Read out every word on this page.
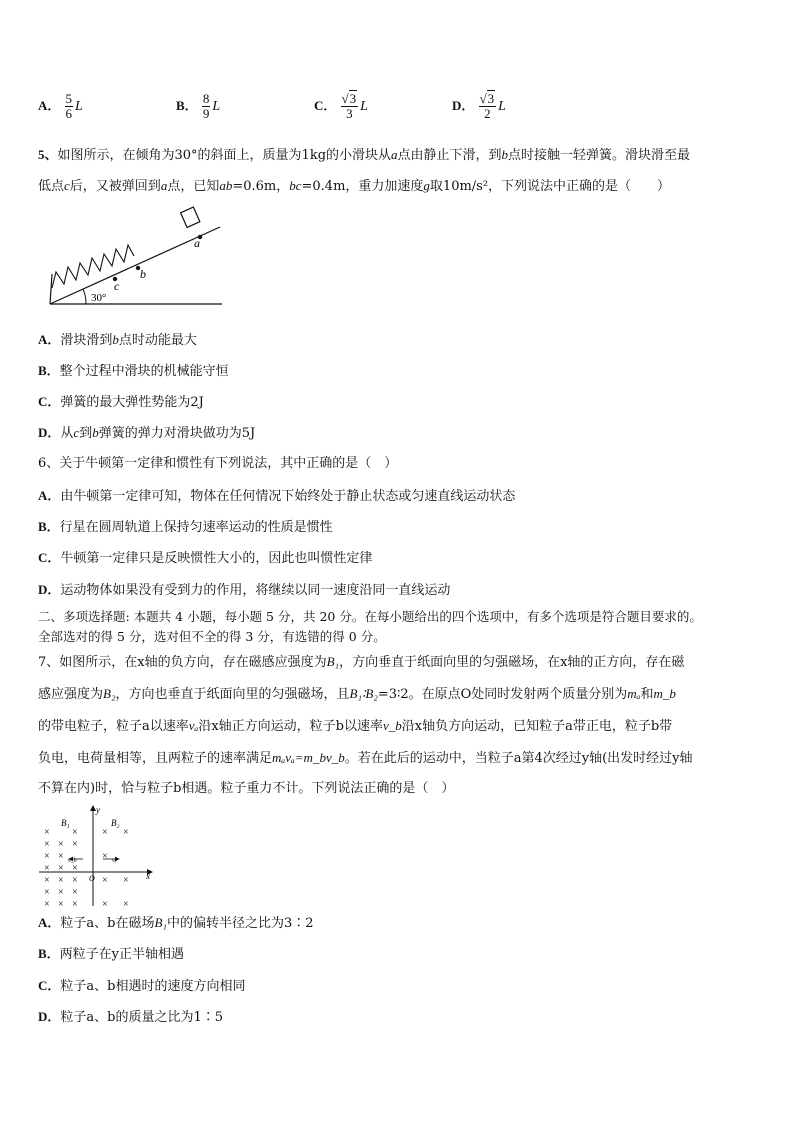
A． $\frac{5}{6}$ L	B． $\frac{8}{9}$ L	C． $\frac{√3}{3}$ L	D． $\frac{√3}{2}$ L
5、如图所示，在倾角为30°的斜面上，质量为1kg的小滑块从a点由静止下滑，到b点时接触一轻弹簧。滑块滑至最
低点c后，又被弹回到a点，已知ab=0.6m，bc=0.4m，重力加速度g取10m/s²，下列说法中正确的是（　　）
30°
c
b
a
A．滑块滑到b点时动能最大
B．整个过程中滑块的机械能守恒
C．弹簧的最大弹性势能为2J
D．从c到b弹簧的弹力对滑块做功为5J
6、关于牛顿第一定律和惯性有下列说法，其中正确的是（　）
A．由牛顿第一定律可知，物体在任何情况下始终处于静止状态或匀速直线运动状态
B．行星在圆周轨道上保持匀速率运动的性质是惯性
C．牛顿第一定律只是反映惯性大小的，因此也叫惯性定律
D．运动物体如果没有受到力的作用，将继续以同一速度沿同一直线运动
二、多项选择题: 本题共 4 小题，每小题 5 分，共 20 分。在每小题给出的四个选项中，有多个选项是符合题目要求的。
全部选对的得 5 分，选对但不全的得 3 分，有选错的得 0 分。
7、如图所示，在x轴的负方向，存在磁感应强度为B₁，方向垂直于纸面向里的匀强磁场，在x轴的正方向，存在磁
感应强度为B₂，方向也垂直于纸面向里的匀强磁场，且B₁∶B₂=3∶2。在原点O处同时发射两个质量分别为mₐ和m_b
的带电粒子，粒子a以速率vₐ沿x轴正方向运动，粒子b以速率v_b沿x轴负方向运动，已知粒子a带正电，粒子b带
负电，电荷量相等，且两粒子的速率满足mₐvₐ=m_bv_b。若在此后的运动中，当粒子a第4次经过y轴(出发时经过y轴
不算在内)时，恰与粒子b相遇。粒子重力不计。下列说法正确的是（　）
y
x
O
B₁	B₂
× ×
× × ×
× ×
× × ×
× × ×
× × ×
× × ×
× ×
×
× ×
× ×
v_b	vₐ
A．粒子a、b在磁场B₁中的偏转半径之比为3∶2
B．两粒子在y正半轴相遇
C．粒子a、b相遇时的速度方向相同
D．粒子a、b的质量之比为1∶5
